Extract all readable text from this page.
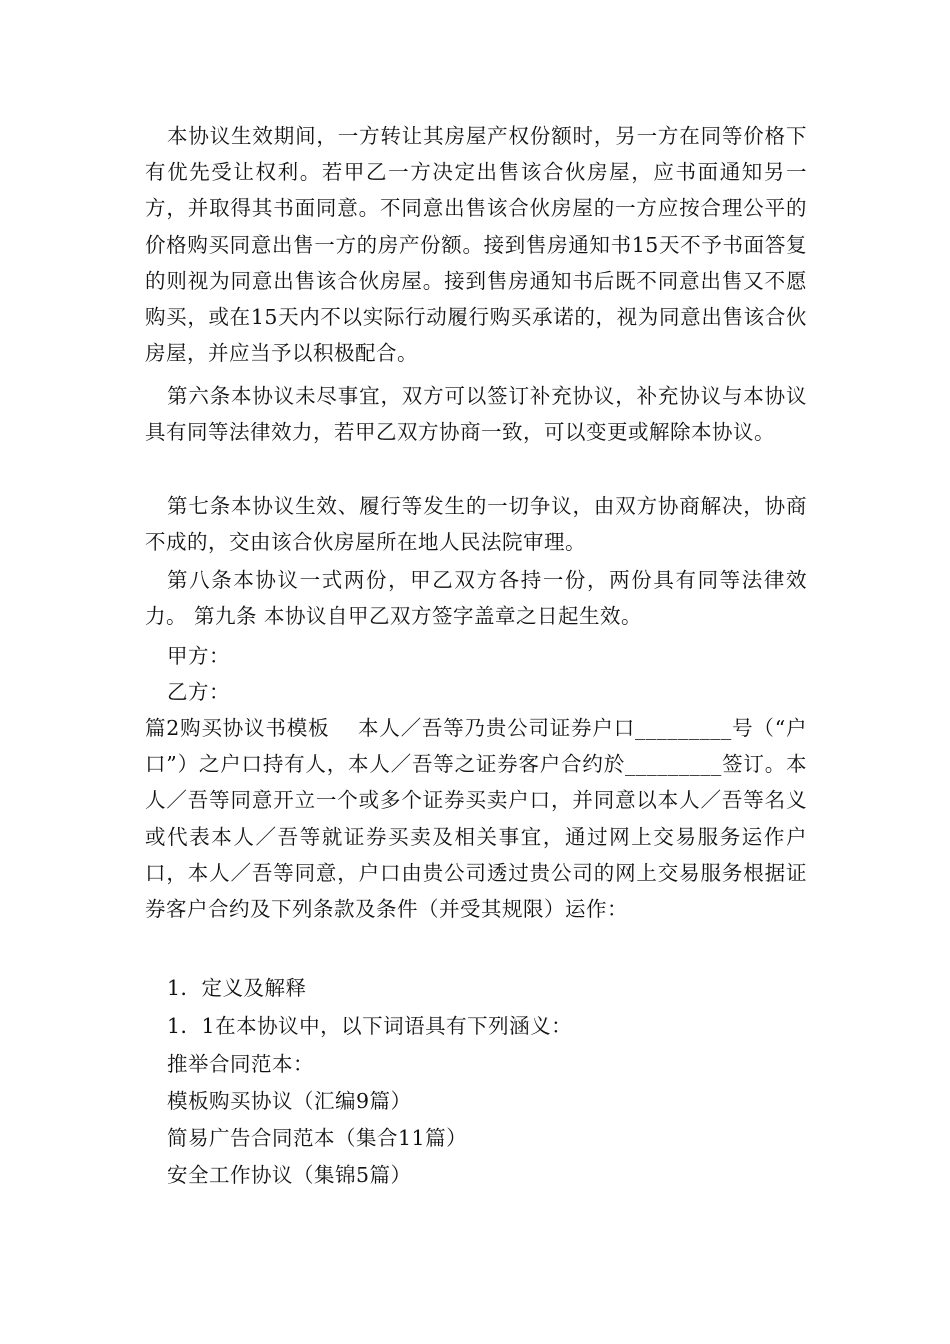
本协议生效期间，一方转让其房屋产权份额时，另一方在同等价格下有优先受让权利。若甲乙一方决定出售该合伙房屋，应书面通知另一方，并取得其书面同意。不同意出售该合伙房屋的一方应按合理公平的价格购买同意出售一方的房产份额。接到售房通知书15天不予书面答复的则视为同意出售该合伙房屋。接到售房通知书后既不同意出售又不愿购买，或在15天内不以实际行动履行购买承诺的，视为同意出售该合伙房屋，并应当予以积极配合。

第六条本协议未尽事宜，双方可以签订补充协议，补充协议与本协议具有同等法律效力，若甲乙双方协商一致，可以变更或解除本协议。

第七条本协议生效、履行等发生的一切争议，由双方协商解决，协商不成的，交由该合伙房屋所在地人民法院审理。

第八条本协议一式两份，甲乙双方各持一份，两份具有同等法律效力。 第九条 本协议自甲乙双方签字盖章之日起生效。

甲方：

乙方：

篇2购买协议书模板　 本人／吾等乃贵公司证券户口_________号（“户口”）之户口持有人，本人／吾等之证券客户合约於_________签订。本人／吾等同意开立一个或多个证券买卖户口，并同意以本人／吾等名义或代表本人／吾等就证券买卖及相关事宜，通过网上交易服务运作户口，本人／吾等同意，户口由贵公司透过贵公司的网上交易服务根据证券客户合约及下列条款及条件（并受其规限）运作：

1．定义及解释

1．1在本协议中，以下词语具有下列涵义：

推举合同范本：

模板购买协议（汇编9篇）

简易广告合同范本（集合11篇）

安全工作协议（集锦5篇）
